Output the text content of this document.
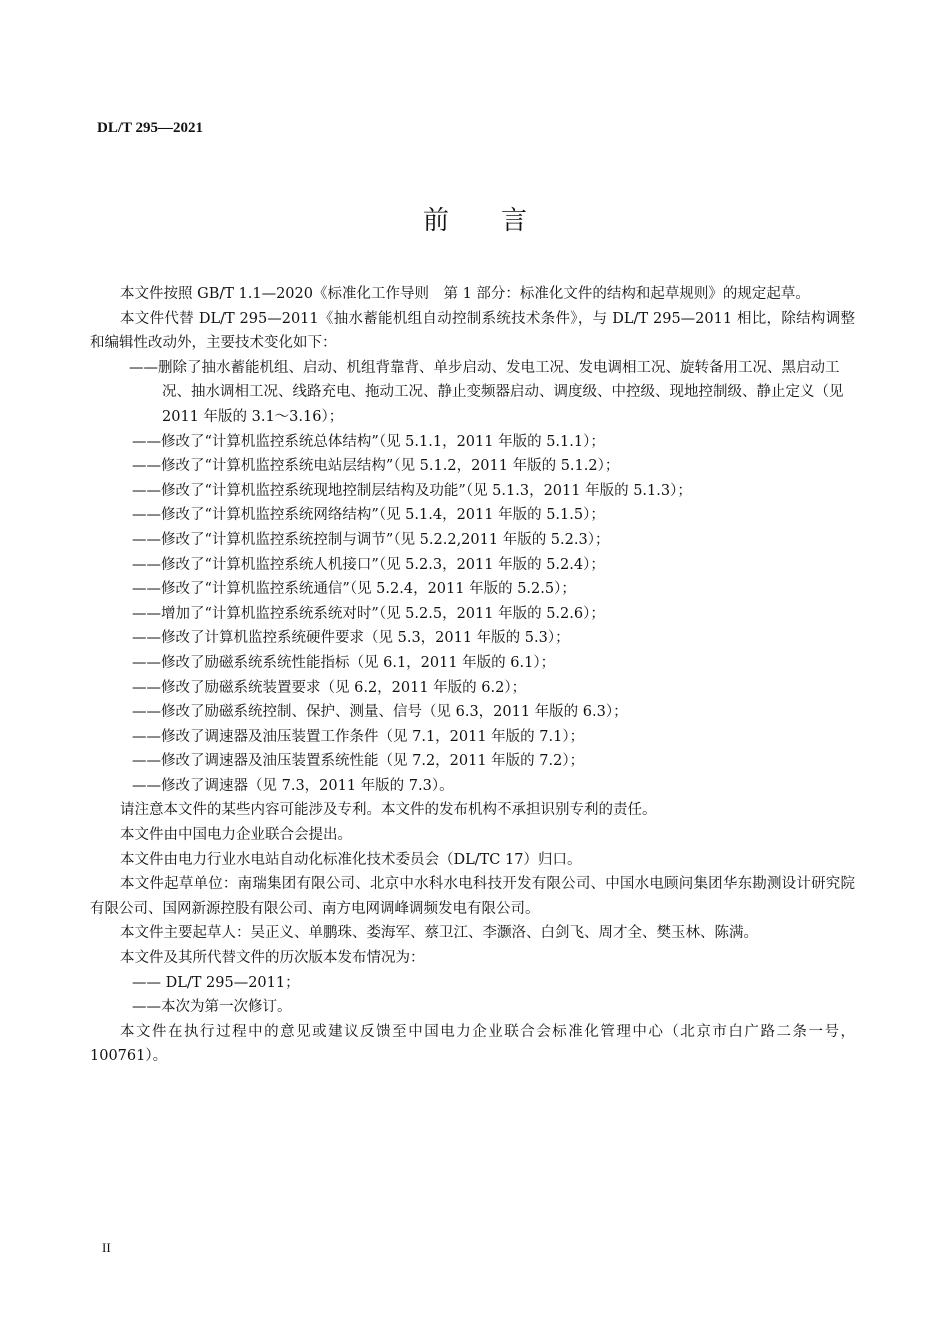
DL/T 295—2021
前言

本文件按照 GB/T 1.1—2020《标准化工作导则　第 1 部分：标准化文件的结构和起草规则》的规定起草。

本文件代替 DL/T 295—2011《抽水蓄能机组自动控制系统技术条件》，与 DL/T 295—2011 相比，除结构调整和编辑性改动外，主要技术变化如下：

——删除了抽水蓄能机组、启动、机组背靠背、单步启动、发电工况、发电调相工况、旋转备用工况、黑启动工况、抽水调相工况、线路充电、拖动工况、静止变频器启动、调度级、中控级、现地控制级、静止定义（见 2011 年版的 3.1～3.16）；

——修改了“计算机监控系统总体结构”（见 5.1.1，2011 年版的 5.1.1）；

——修改了“计算机监控系统电站层结构”（见 5.1.2，2011 年版的 5.1.2）；

——修改了“计算机监控系统现地控制层结构及功能”（见 5.1.3，2011 年版的 5.1.3）；

——修改了“计算机监控系统网络结构”（见 5.1.4，2011 年版的 5.1.5）；

——修改了“计算机监控系统控制与调节”（见 5.2.2,2011 年版的 5.2.3）；

——修改了“计算机监控系统人机接口”（见 5.2.3，2011 年版的 5.2.4）；

——修改了“计算机监控系统通信”（见 5.2.4，2011 年版的 5.2.5）；

——增加了“计算机监控系统系统对时”（见 5.2.5，2011 年版的 5.2.6）；

——修改了计算机监控系统硬件要求（见 5.3，2011 年版的 5.3）；

——修改了励磁系统系统性能指标（见 6.1，2011 年版的 6.1）；

——修改了励磁系统装置要求（见 6.2，2011 年版的 6.2）；

——修改了励磁系统控制、保护、测量、信号（见 6.3，2011 年版的 6.3）；

——修改了调速器及油压装置工作条件（见 7.1，2011 年版的 7.1）；

——修改了调速器及油压装置系统性能（见 7.2，2011 年版的 7.2）；

——修改了调速器（见 7.3，2011 年版的 7.3）。

请注意本文件的某些内容可能涉及专利。本文件的发布机构不承担识别专利的责任。

本文件由中国电力企业联合会提出。

本文件由电力行业水电站自动化标准化技术委员会（DL/TC 17）归口。

本文件起草单位：南瑞集团有限公司、北京中水科水电科技开发有限公司、中国水电顾问集团华东勘测设计研究院有限公司、国网新源控股有限公司、南方电网调峰调频发电有限公司。

本文件主要起草人：吴正义、单鹏珠、娄海军、蔡卫江、李灏洛、白剑飞、周才全、樊玉林、陈满。

本文件及其所代替文件的历次版本发布情况为：

—— DL/T 295—2011；

——本次为第一次修订。

本文件在执行过程中的意见或建议反馈至中国电力企业联合会标准化管理中心（北京市白广路二条一号，100761）。

II
